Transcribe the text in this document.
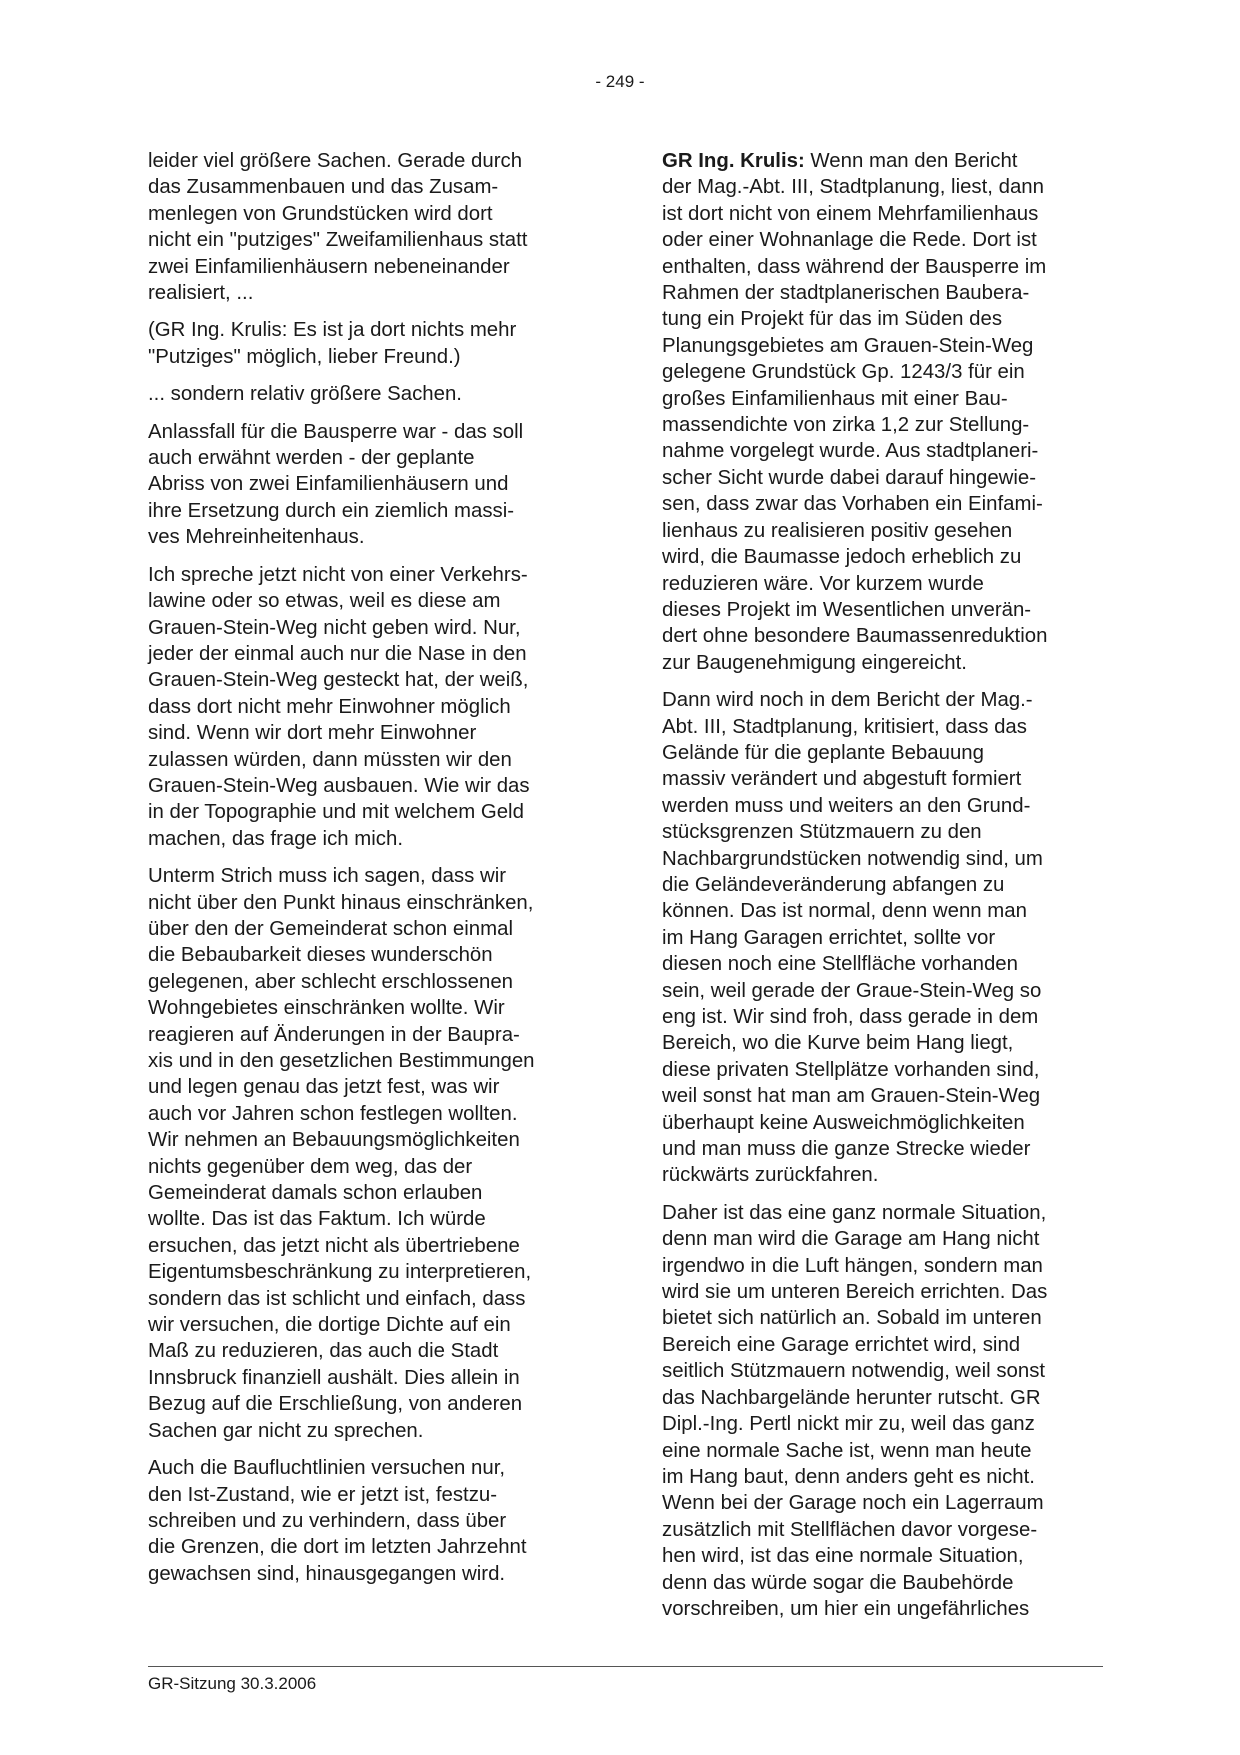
- 249 -

leider viel größere Sachen. Gerade durch
das Zusammenbauen und das Zusam-
menlegen von Grundstücken wird dort
nicht ein "putziges" Zweifamilienhaus statt
zwei Einfamilienhäusern nebeneinander
realisiert, ...

(GR Ing. Krulis: Es ist ja dort nichts mehr
"Putziges" möglich, lieber Freund.)

... sondern relativ größere Sachen.

Anlassfall für die Bausperre war - das soll
auch erwähnt werden - der geplante
Abriss von zwei Einfamilienhäusern und
ihre Ersetzung durch ein ziemlich massi-
ves Mehreinheitenhaus.

Ich spreche jetzt nicht von einer Verkehrs-
lawine oder so etwas, weil es diese am
Grauen-Stein-Weg nicht geben wird. Nur,
jeder der einmal auch nur die Nase in den
Grauen-Stein-Weg gesteckt hat, der weiß,
dass dort nicht mehr Einwohner möglich
sind. Wenn wir dort mehr Einwohner
zulassen würden, dann müssten wir den
Grauen-Stein-Weg ausbauen. Wie wir das
in der Topographie und mit welchem Geld
machen, das frage ich mich.

Unterm Strich muss ich sagen, dass wir
nicht über den Punkt hinaus einschränken,
über den der Gemeinderat schon einmal
die Bebaubarkeit dieses wunderschön
gelegenen, aber schlecht erschlossenen
Wohngebietes einschränken wollte. Wir
reagieren auf Änderungen in der Baupra-
xis und in den gesetzlichen Bestimmungen
und legen genau das jetzt fest, was wir
auch vor Jahren schon festlegen wollten.
Wir nehmen an Bebauungsmöglichkeiten
nichts gegenüber dem weg, das der
Gemeinderat damals schon erlauben
wollte. Das ist das Faktum. Ich würde
ersuchen, das jetzt nicht als übertriebene
Eigentumsbeschränkung zu interpretieren,
sondern das ist schlicht und einfach, dass
wir versuchen, die dortige Dichte auf ein
Maß zu reduzieren, das auch die Stadt
Innsbruck finanziell aushält. Dies allein in
Bezug auf die Erschließung, von anderen
Sachen gar nicht zu sprechen.

Auch die Baufluchtlinien versuchen nur,
den Ist-Zustand, wie er jetzt ist, festzu-
schreiben und zu verhindern, dass über
die Grenzen, die dort im letzten Jahrzehnt
gewachsen sind, hinausgegangen wird.

GR Ing. Krulis: Wenn man den Bericht
der Mag.-Abt. III, Stadtplanung, liest, dann
ist dort nicht von einem Mehrfamilienhaus
oder einer Wohnanlage die Rede. Dort ist
enthalten, dass während der Bausperre im
Rahmen der stadtplanerischen Baubera-
tung ein Projekt für das im Süden des
Planungsgebietes am Grauen-Stein-Weg
gelegene Grundstück Gp. 1243/3 für ein
großes Einfamilienhaus mit einer Bau-
massendichte von zirka 1,2 zur Stellung-
nahme vorgelegt wurde. Aus stadtplaneri-
scher Sicht wurde dabei darauf hingewie-
sen, dass zwar das Vorhaben ein Einfami-
lienhaus zu realisieren positiv gesehen
wird, die Baumasse jedoch erheblich zu
reduzieren wäre. Vor kurzem wurde
dieses Projekt im Wesentlichen unverän-
dert ohne besondere Baumassenreduktion
zur Baugenehmigung eingereicht.

Dann wird noch in dem Bericht der Mag.-
Abt. III, Stadtplanung, kritisiert, dass das
Gelände für die geplante Bebauung
massiv verändert und abgestuft formiert
werden muss und weiters an den Grund-
stücksgrenzen Stützmauern zu den
Nachbargrundstücken notwendig sind, um
die Geländeveränderung abfangen zu
können. Das ist normal, denn wenn man
im Hang Garagen errichtet, sollte vor
diesen noch eine Stellfläche vorhanden
sein, weil gerade der Graue-Stein-Weg so
eng ist. Wir sind froh, dass gerade in dem
Bereich, wo die Kurve beim Hang liegt,
diese privaten Stellplätze vorhanden sind,
weil sonst hat man am Grauen-Stein-Weg
überhaupt keine Ausweichmöglichkeiten
und man muss die ganze Strecke wieder
rückwärts zurückfahren.

Daher ist das eine ganz normale Situation,
denn man wird die Garage am Hang nicht
irgendwo in die Luft hängen, sondern man
wird sie um unteren Bereich errichten. Das
bietet sich natürlich an. Sobald im unteren
Bereich eine Garage errichtet wird, sind
seitlich Stützmauern notwendig, weil sonst
das Nachbargelände herunter rutscht. GR
Dipl.-Ing. Pertl nickt mir zu, weil das ganz
eine normale Sache ist, wenn man heute
im Hang baut, denn anders geht es nicht.
Wenn bei der Garage noch ein Lagerraum
zusätzlich mit Stellflächen davor vorgese-
hen wird, ist das eine normale Situation,
denn das würde sogar die Baubehörde
vorschreiben, um hier ein ungefährliches

GR-Sitzung 30.3.2006
